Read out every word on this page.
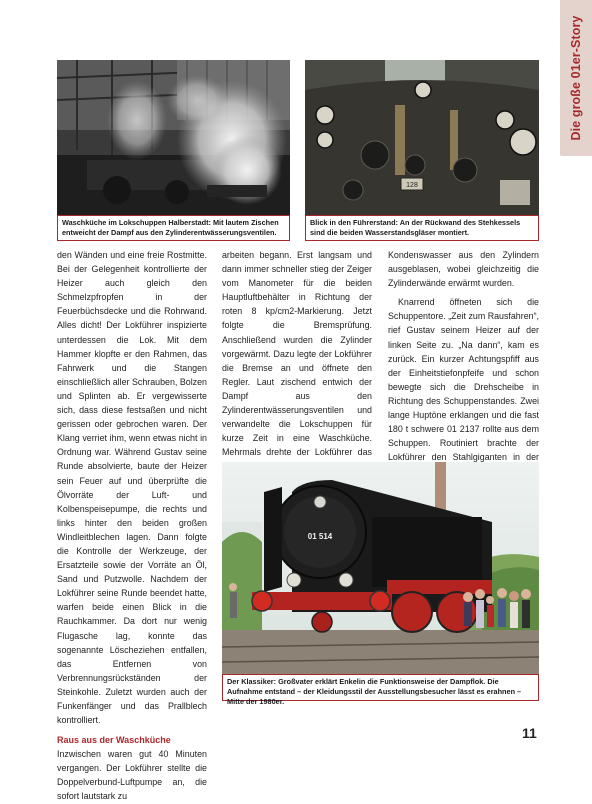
Die große 01er-Story
Waschküche im Lokschuppen Halberstadt: Mit lautem Zischen entweicht der Dampf aus den Zylinderentwässerungsventilen.
128
Blick in den Führerstand: An der Rückwand des Stehkessels sind die beiden Wasserstandsgläser montiert.

den Wänden und eine freie Rostmitte. Bei der Gelegenheit kontrollierte der Heizer auch gleich den Schmelzpfropfen in der Feuerbüchsdecke und die Rohrwand. Alles dicht! Der Lokführer inspizierte unterdessen die Lok. Mit dem Hammer klopfte er den Rahmen, das Fahrwerk und die Stangen einschließlich aller Schrauben, Bolzen und Splinten ab. Er vergewisserte sich, dass diese festsaßen und nicht gerissen oder gebrochen waren. Der Klang verriet ihm, wenn etwas nicht in Ordnung war. Während Gustav seine Runde absolvierte, baute der Heizer sein Feuer auf und überprüfte die Ölvorräte der Luft- und Kolbenspeisepumpe, die rechts und links hinter den beiden großen Windleitblechen lagen. Dann folgte die Kontrolle der Werkzeuge, der Ersatzteile sowie der Vorräte an Öl, Sand und Putzwolle. Nachdem der Lokführer seine Runde beendet hatte, warfen beide einen Blick in die Rauchkammer. Da dort nur wenig Flugasche lag, konnte das sogenannte Löscheziehen entfallen, das Entfernen von Verbrennungsrückständen der Steinkohle. Zuletzt wurden auch der Funkenfänger und das Prallblech kontrolliert.

Raus aus der Waschküche

Inzwischen waren gut 40 Minuten vergangen. Der Lokführer stellte die Doppelverbund-Luftpumpe an, die sofort lautstark zu

arbeiten begann. Erst langsam und dann immer schneller stieg der Zeiger vom Manometer für die beiden Hauptluftbehälter in Richtung der roten 8 kp/cm2-Markierung. Jetzt folgte die Bremsprüfung. Anschließend wurden die Zylinder vorgewärmt. Dazu legte der Lokführer die Bremse an und öffnete den Regler. Laut zischend entwich der Dampf aus den Zylinderentwässerungsventilen und verwandelte die Lokschuppen für kurze Zeit in eine Waschküche. Mehrmals drehte der Lokführer das

Kondenswasser aus den Zylindern ausgeblasen, wobei gleichzeitig die Zylinderwände erwärmt wurden.

Knarrend öffneten sich die Schuppentore. „Zeit zum Rausfahren“, rief Gustav seinem Heizer auf der linken Seite zu. „Na dann“, kam es zurück. Ein kurzer Achtungspfiff aus der Einheitstiefonpfeife und schon bewegte sich die Drehscheibe in Richtung des Schuppenstandes. Zwei lange Huptöne erklangen und die fast 180 t schwere 01 2137 rollte aus dem Schuppen. Routiniert brachte der Lokführer den Stahlgiganten in der

01 514
Der Klassiker: Großvater erklärt Enkelin die Funktionsweise der Dampflok. Die Aufnahme entstand – der Kleidungsstil der Ausstellungsbesucher lässt es erahnen – Mitte der 1980er.
11
